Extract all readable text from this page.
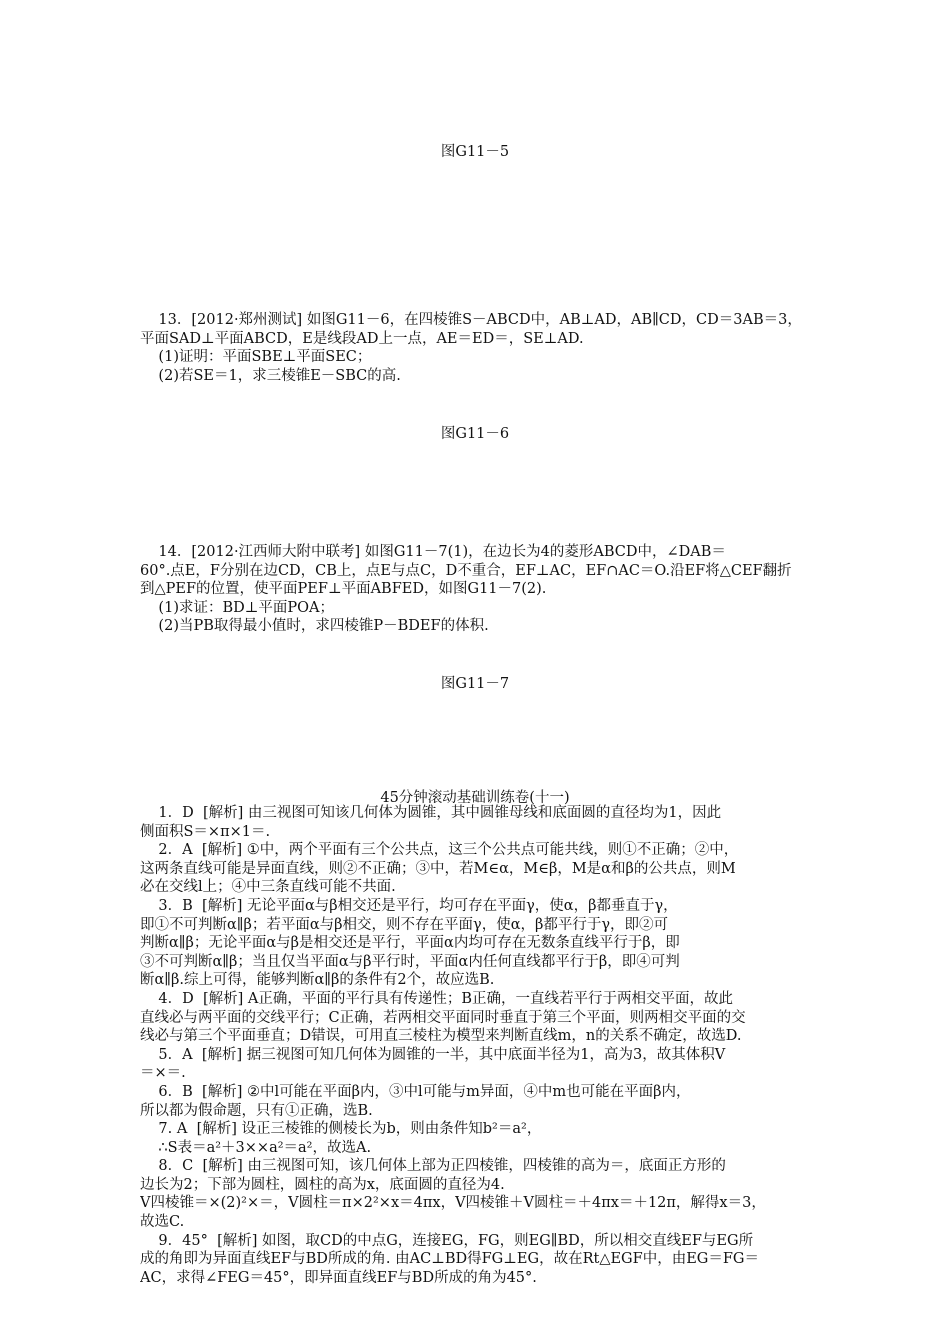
图G11－5
13．[2012·郑州测试] 如图G11－6，在四棱锥S－ABCD中，AB⊥AD，AB∥CD，CD＝3AB＝3，
平面SAD⊥平面ABCD，E是线段AD上一点，AE＝ED＝，SE⊥AD.
(1)证明：平面SBE⊥平面SEC；
(2)若SE＝1，求三棱锥E－SBC的高.
图G11－6
14．[2012·江西师大附中联考] 如图G11－7(1)，在边长为4的菱形ABCD中，∠DAB＝
60°.点E，F分别在边CD，CB上，点E与点C，D不重合，EF⊥AC，EF∩AC＝O.沿EF将△CEF翻折
到△PEF的位置，使平面PEF⊥平面ABFED，如图G11－7(2).
(1)求证：BD⊥平面POA；
(2)当PB取得最小值时，求四棱锥P－BDEF的体积.
图G11－7
45分钟滚动基础训练卷(十一)
1．D  [解析] 由三视图可知该几何体为圆锥，其中圆锥母线和底面圆的直径均为1，因此
侧面积S＝×π×1＝.
2．A  [解析] ①中，两个平面有三个公共点，这三个公共点可能共线，则①不正确；②中，
这两条直线可能是异面直线，则②不正确；③中，若M∈α，M∈β，M是α和β的公共点，则M
必在交线l上；④中三条直线可能不共面.
3．B  [解析] 无论平面α与β相交还是平行，均可存在平面γ，使α，β都垂直于γ，
即①不可判断α∥β；若平面α与β相交，则不存在平面γ，使α，β都平行于γ，即②可
判断α∥β；无论平面α与β是相交还是平行，平面α内均可存在无数条直线平行于β，即
③不可判断α∥β；当且仅当平面α与β平行时，平面α内任何直线都平行于β，即④可判
断α∥β.综上可得，能够判断α∥β的条件有2个，故应选B.
4．D  [解析] A正确，平面的平行具有传递性；B正确，一直线若平行于两相交平面，故此
直线必与两平面的交线平行；C正确，若两相交平面同时垂直于第三个平面，则两相交平面的交
线必与第三个平面垂直；D错误，可用直三棱柱为模型来判断直线m，n的关系不确定，故选D.
5．A  [解析] 据三视图可知几何体为圆锥的一半，其中底面半径为1，高为3，故其体积V
＝×＝.
6．B  [解析] ②中l可能在平面β内，③中l可能与m异面，④中m也可能在平面β内，
所以都为假命题，只有①正确，选B.
7. A  [解析] 设正三棱锥的侧棱长为b，则由条件知b²＝a²，
∴S表＝a²＋3××a²＝a²，故选A.
8．C  [解析] 由三视图可知，该几何体上部为正四棱锥，四棱锥的高为＝，底面正方形的
边长为2；下部为圆柱，圆柱的高为x，底面圆的直径为4.
V四棱锥＝×(2)²×＝，V圆柱＝π×2²×x＝4πx，V四棱锥＋V圆柱＝＋4πx＝＋12π，解得x＝3，
故选C.
9．45°  [解析] 如图，取CD的中点G，连接EG，FG，则EG∥BD，所以相交直线EF与EG所
成的角即为异面直线EF与BD所成的角. 由AC⊥BD得FG⊥EG，故在Rt△EGF中，由EG＝FG＝
AC，求得∠FEG＝45°，即异面直线EF与BD所成的角为45°.
